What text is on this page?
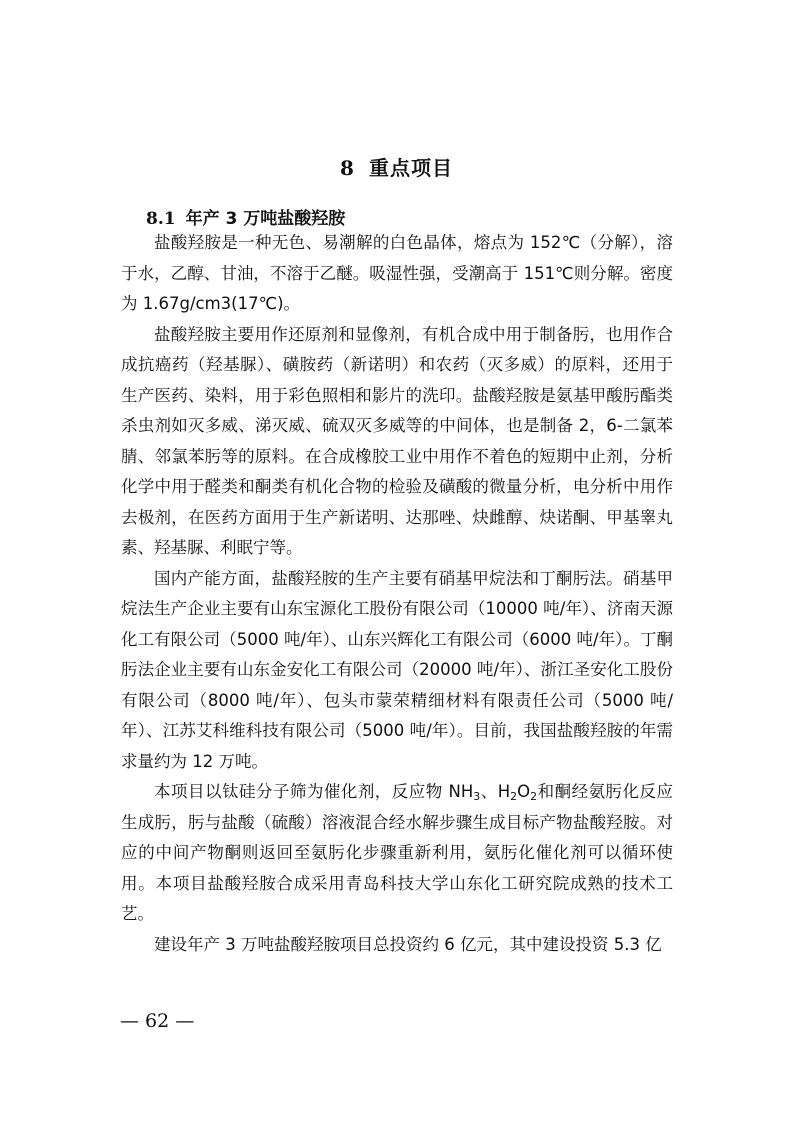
8 重点项目
8.1 年产 3 万吨盐酸羟胺

盐酸羟胺是一种无色、易潮解的白色晶体，熔点为 152℃（分解），溶于水，乙醇、甘油，不溶于乙醚。吸湿性强，受潮高于 151℃则分解。密度为 1.67g/cm3(17℃)。

盐酸羟胺主要用作还原剂和显像剂，有机合成中用于制备肟，也用作合成抗癌药（羟基脲）、磺胺药（新诺明）和农药（灭多威）的原料，还用于生产医药、染料，用于彩色照相和影片的洗印。盐酸羟胺是氨基甲酸肟酯类杀虫剂如灭多威、涕灭威、硫双灭多威等的中间体，也是制备 2，6-二氯苯腈、邻氯苯肟等的原料。在合成橡胶工业中用作不着色的短期中止剂，分析化学中用于醛类和酮类有机化合物的检验及磺酸的微量分析，电分析中用作去极剂，在医药方面用于生产新诺明、达那唑、炔雌醇、炔诺酮、甲基睾丸素、羟基脲、利眠宁等。

国内产能方面，盐酸羟胺的生产主要有硝基甲烷法和丁酮肟法。硝基甲烷法生产企业主要有山东宝源化工股份有限公司（10000 吨/年）、济南天源化工有限公司（5000 吨/年）、山东兴辉化工有限公司（6000 吨/年）。丁酮肟法企业主要有山东金安化工有限公司（20000 吨/年）、浙江圣安化工股份有限公司（8000 吨/年）、包头市蒙荣精细材料有限责任公司（5000 吨/年）、江苏艾科维科技有限公司（5000 吨/年）。目前，我国盐酸羟胺的年需求量约为 12 万吨。

本项目以钛硅分子筛为催化剂，反应物 $NH_3$、$H_2O_2$和酮经氨肟化反应生成肟，肟与盐酸（硫酸）溶液混合经水解步骤生成目标产物盐酸羟胺。对应的中间产物酮则返回至氨肟化步骤重新利用，氨肟化催化剂可以循环使用。本项目盐酸羟胺合成采用青岛科技大学山东化工研究院成熟的技术工艺。

建设年产 3 万吨盐酸羟胺项目总投资约 6 亿元，其中建设投资 5.3 亿

— 62 —
